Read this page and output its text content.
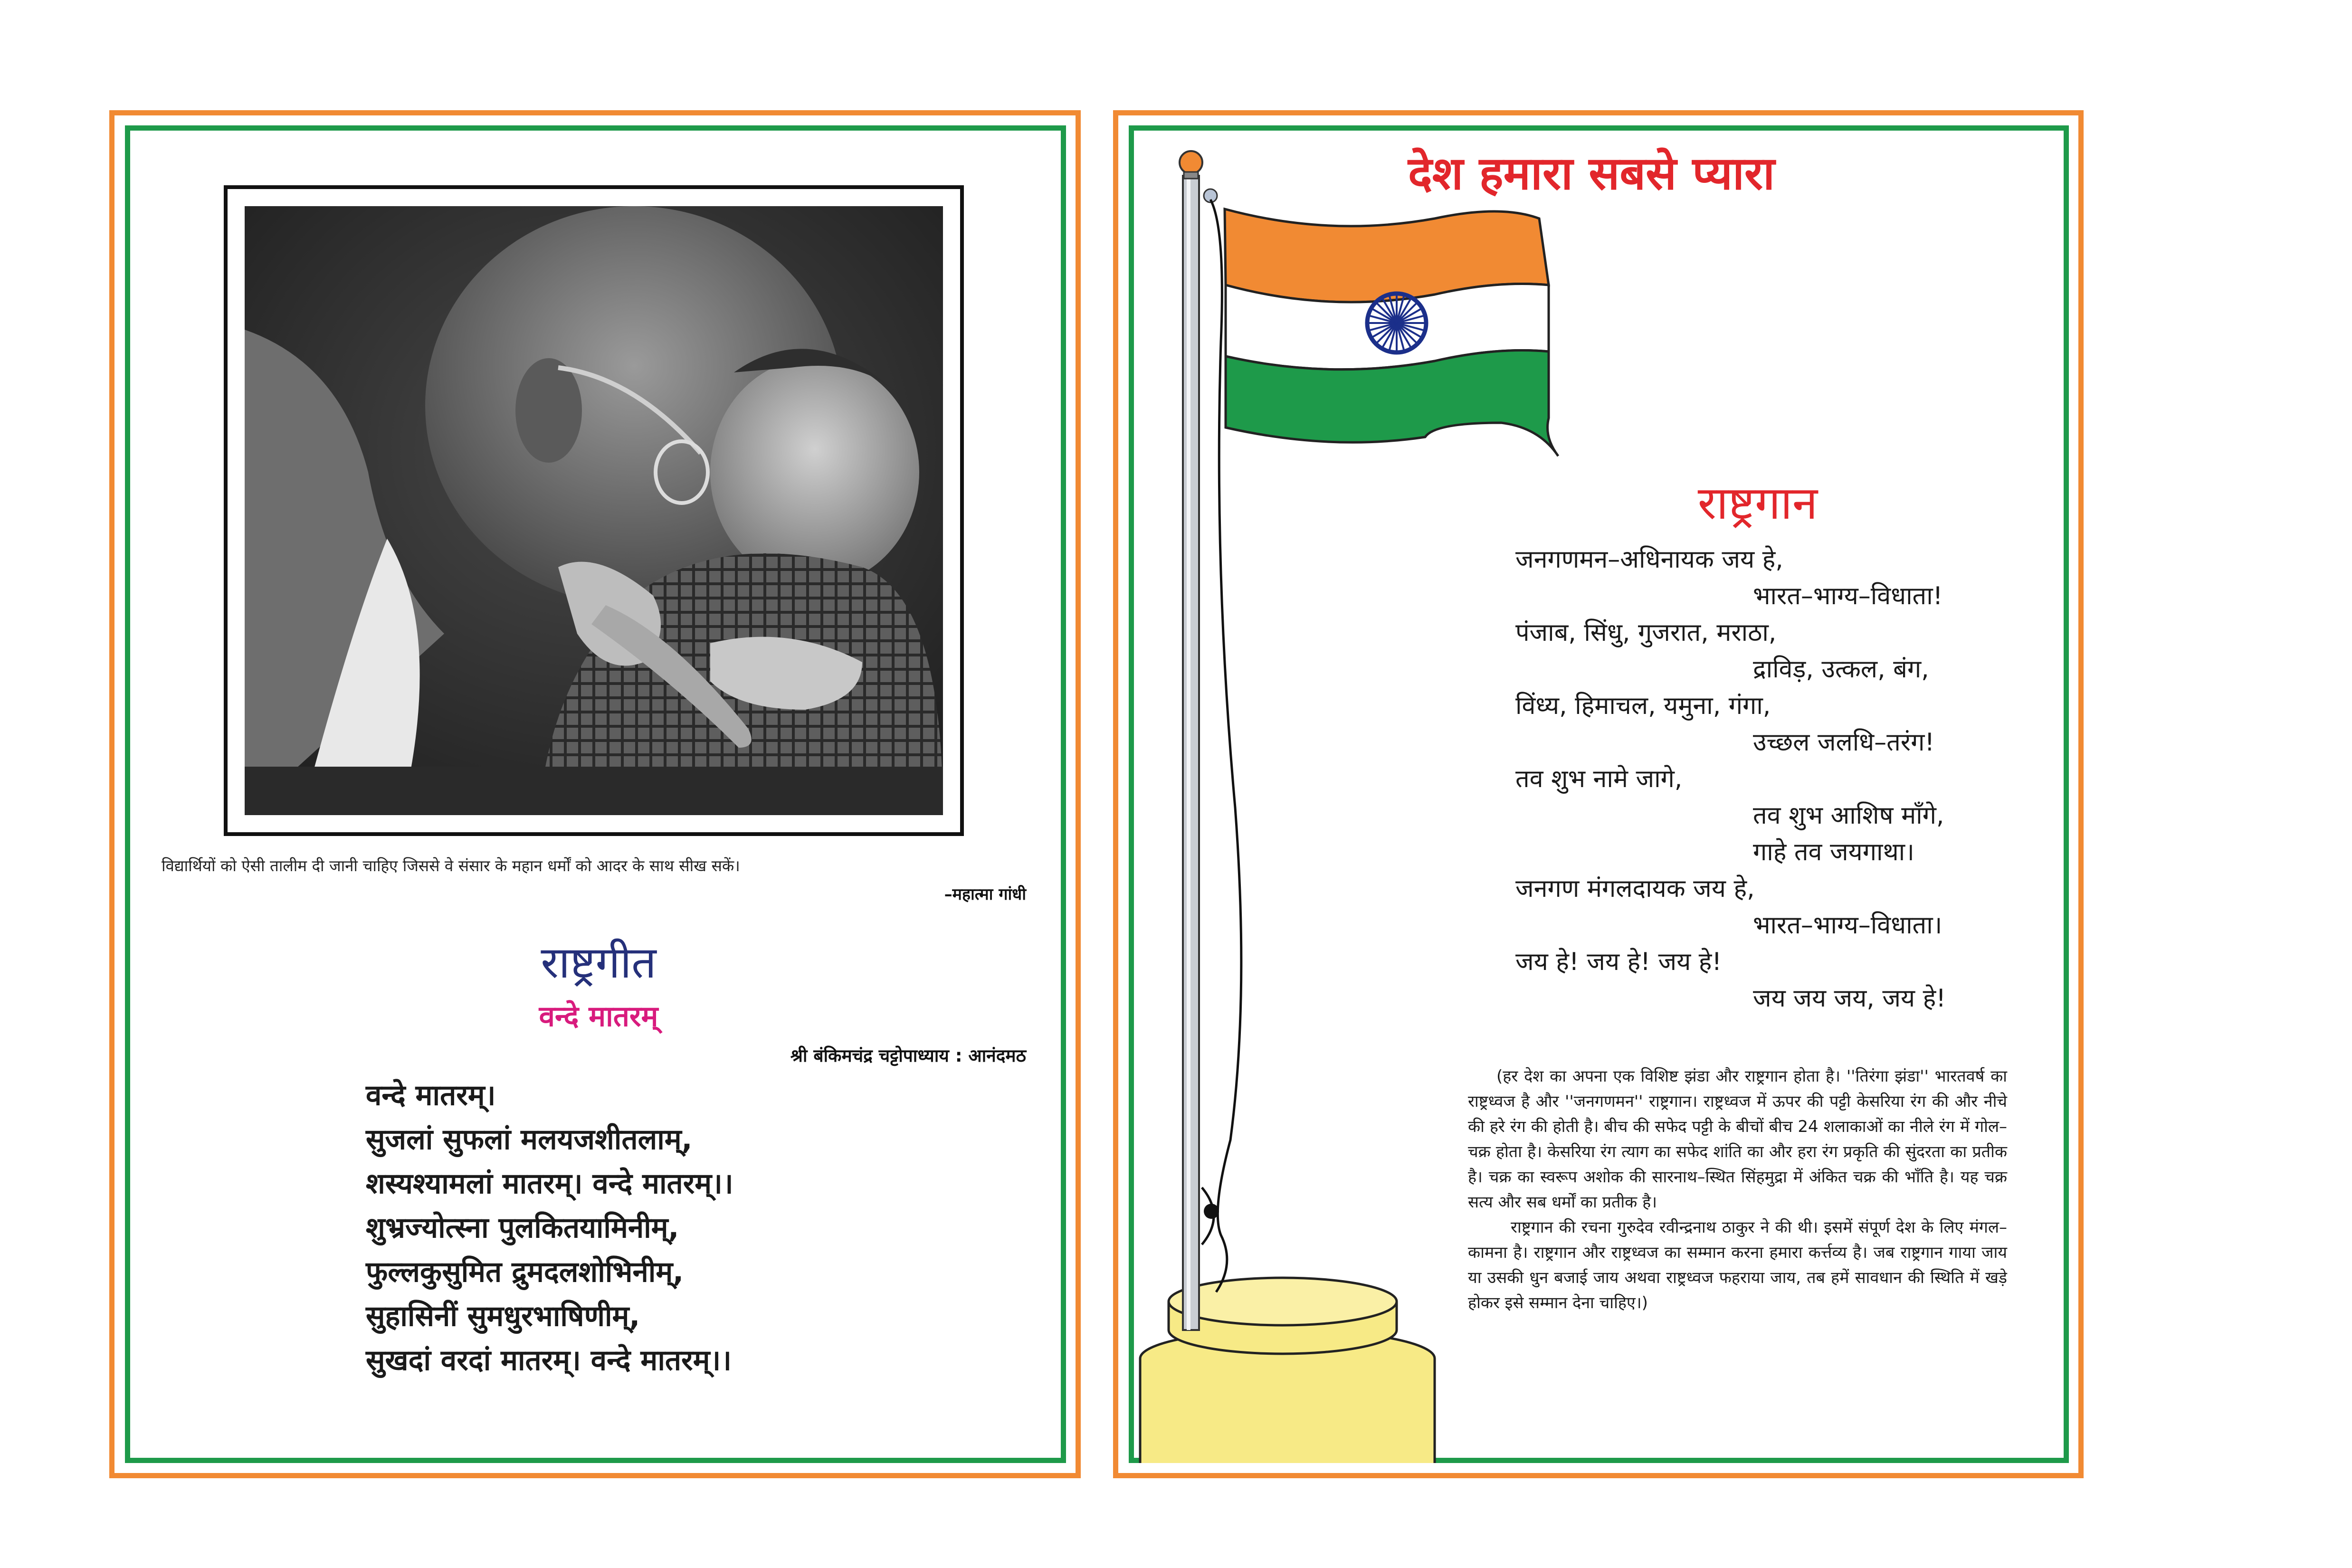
विद्यार्थियों को ऐसी तालीम दी जानी चाहिए जिससे वे संसार के महान धर्मों को आदर के साथ सीख सकें।
–महात्मा गांधी
राष्ट्रगीत
वन्दे मातरम्
श्री बंकिमचंद्र चट्टोपाध्याय : आनंदमठ
वन्दे मातरम्।
सुजलां सुफलां मलयजशीतलाम्,
शस्यश्यामलां मातरम्। वन्दे मातरम्।।
शुभ्रज्योत्स्ना पुलकितयामिनीम्,
फुल्लकुसुमित द्रुमदलशोभिनीम्,
सुहासिनीं सुमधुरभाषिणीम्,
सुखदां वरदां मातरम्। वन्दे मातरम्।।
देश हमारा सबसे प्यारा
राष्ट्रगान
जनगणमन–अधिनायक जय हे,
भारत–भाग्य–विधाता!
पंजाब, सिंधु, गुजरात, मराठा,
द्राविड़, उत्कल, बंग,
विंध्य, हिमाचल, यमुना, गंगा,
उच्छल जलधि–तरंग!
तव शुभ नामे जागे,
तव शुभ आशिष माँगे,
गाहे तव जयगाथा।
जनगण मंगलदायक जय हे,
भारत–भाग्य–विधाता।
जय हे! जय हे! जय हे!
जय जय जय, जय हे!
(हर देश का अपना एक विशिष्ट झंडा और राष्ट्रगान होता है। ''तिरंगा झंडा'' भारतवर्ष का राष्ट्रध्वज है और ''जनगणमन'' राष्ट्रगान। राष्ट्रध्वज में ऊपर की पट्टी केसरिया रंग की और नीचे की हरे रंग की होती है। बीच की सफेद पट्टी के बीचों बीच 24 शलाकाओं का नीले रंग में गोल–चक्र होता है। केसरिया रंग त्याग का सफेद शांति का और हरा रंग प्रकृति की सुंदरता का प्रतीक है। चक्र का स्वरूप अशोक की सारनाथ–स्थित सिंहमुद्रा में अंकित चक्र की भाँति है। यह चक्र सत्य और सब धर्मों का प्रतीक है।
राष्ट्रगान की रचना गुरुदेव रवीन्द्रनाथ ठाकुर ने की थी। इसमें संपूर्ण देश के लिए मंगल–कामना है। राष्ट्रगान और राष्ट्रध्वज का सम्मान करना हमारा कर्त्तव्य है। जब राष्ट्रगान गाया जाय या उसकी धुन बजाई जाय अथवा राष्ट्रध्वज फहराया जाय, तब हमें सावधान की स्थिति में खड़े होकर इसे सम्मान देना चाहिए।)
